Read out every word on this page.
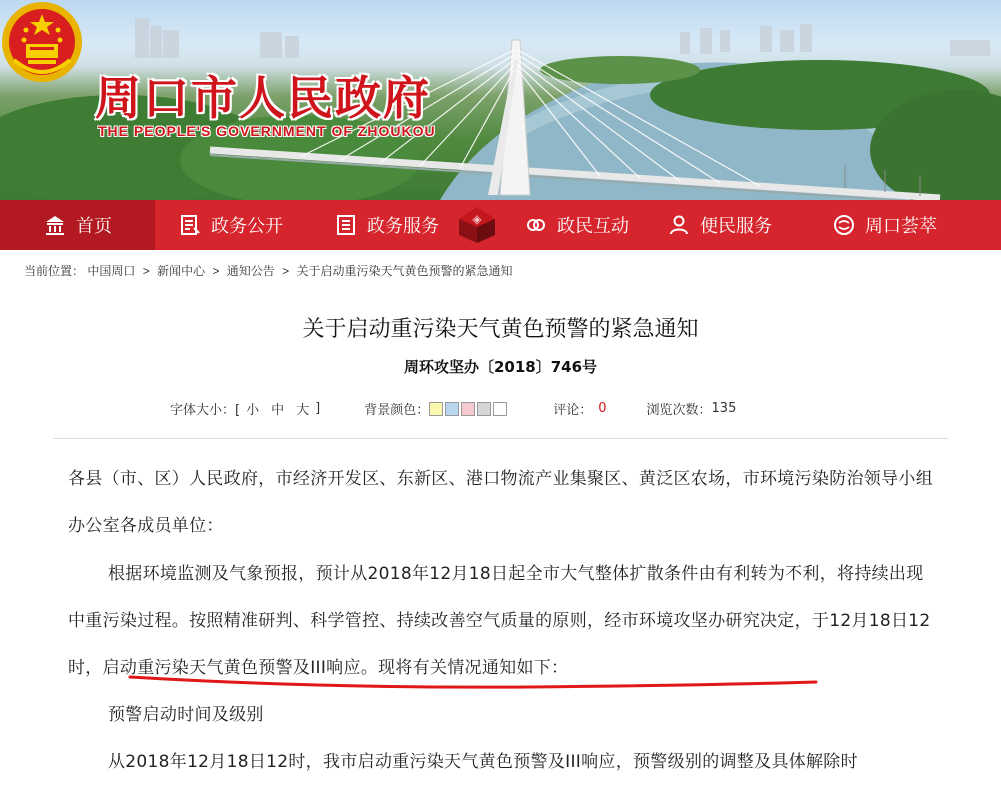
周口市人民政府
THE PEOPLE'S GOVERNMENT OF ZHOUKOU
首页	政务公开	政务服务	◈	政民互动	便民服务	周口荟萃
当前位置： 中国周口 > 新闻中心 > 通知公告 > 关于启动重污染天气黄色预警的紧急通知
关于启动重污染天气黄色预警的紧急通知
周环攻坚办〔2018〕746号
字体大小：[ 小 中 大 ]	背景颜色：	评论： 0	浏览次数： 135

各县（市、区）人民政府，市经济开发区、东新区、港口物流产业集聚区、黄泛区农场，市环境污染防治领导小组办公室各成员单位：

根据环境监测及气象预报，预计从2018年12月18日起全市大气整体扩散条件由有利转为不利，将持续出现中重污染过程。按照精准研判、科学管控、持续改善空气质量的原则，经市环境攻坚办研究决定，于12月18日12时，启动重污染天气黄色预警及III响应。现将有关情况通知如下：

预警启动时间及级别

从2018年12月18日12时，我市启动重污染天气黄色预警及III响应，预警级别的调整及具体解除时
